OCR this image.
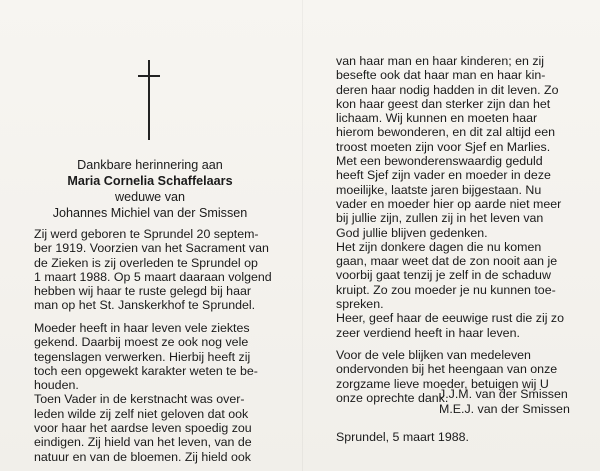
Dankbare herinnering aan
Maria Cornelia Schaffelaars
weduwe van
Johannes Michiel van der Smissen
Zij werd geboren te Sprundel 20 septem-
ber 1919. Voorzien van het Sacrament van
de Zieken is zij overleden te Sprundel op
1 maart 1988. Op 5 maart daaraan volgend
hebben wij haar te ruste gelegd bij haar
man op het St. Janskerkhof te Sprundel.
Moeder heeft in haar leven vele ziektes
gekend. Daarbij moest ze ook nog vele
tegenslagen verwerken. Hierbij heeft zij
toch een opgewekt karakter weten te be-
houden.
Toen Vader in de kerstnacht was over-
leden wilde zij zelf niet geloven dat ook
voor haar het aardse leven spoedig zou
eindigen. Zij hield van het leven, van de
natuur en van de bloemen. Zij hield ook
van haar man en haar kinderen; en zij
besefte ook dat haar man en haar kin-
deren haar nodig hadden in dit leven. Zo
kon haar geest dan sterker zijn dan het
lichaam. Wij kunnen en moeten haar
hierom bewonderen, en dit zal altijd een
troost moeten zijn voor Sjef en Marlies.
Met een bewonderenswaardig geduld
heeft Sjef zijn vader en moeder in deze
moeilijke, laatste jaren bijgestaan. Nu
vader en moeder hier op aarde niet meer
bij jullie zijn, zullen zij in het leven van
God jullie blijven gedenken.
Het zijn donkere dagen die nu komen
gaan, maar weet dat de zon nooit aan je
voorbij gaat tenzij je zelf in de schaduw
kruipt. Zo zou moeder je nu kunnen toe-
spreken.
Heer, geef haar de eeuwige rust die zij zo
zeer verdiend heeft in haar leven.
Voor de vele blijken van medeleven
ondervonden bij het heengaan van onze
zorgzame lieve moeder, betuigen wij U
onze oprechte dank.
J.J.M. van der Smissen
M.E.J. van der Smissen
Sprundel, 5 maart 1988.
